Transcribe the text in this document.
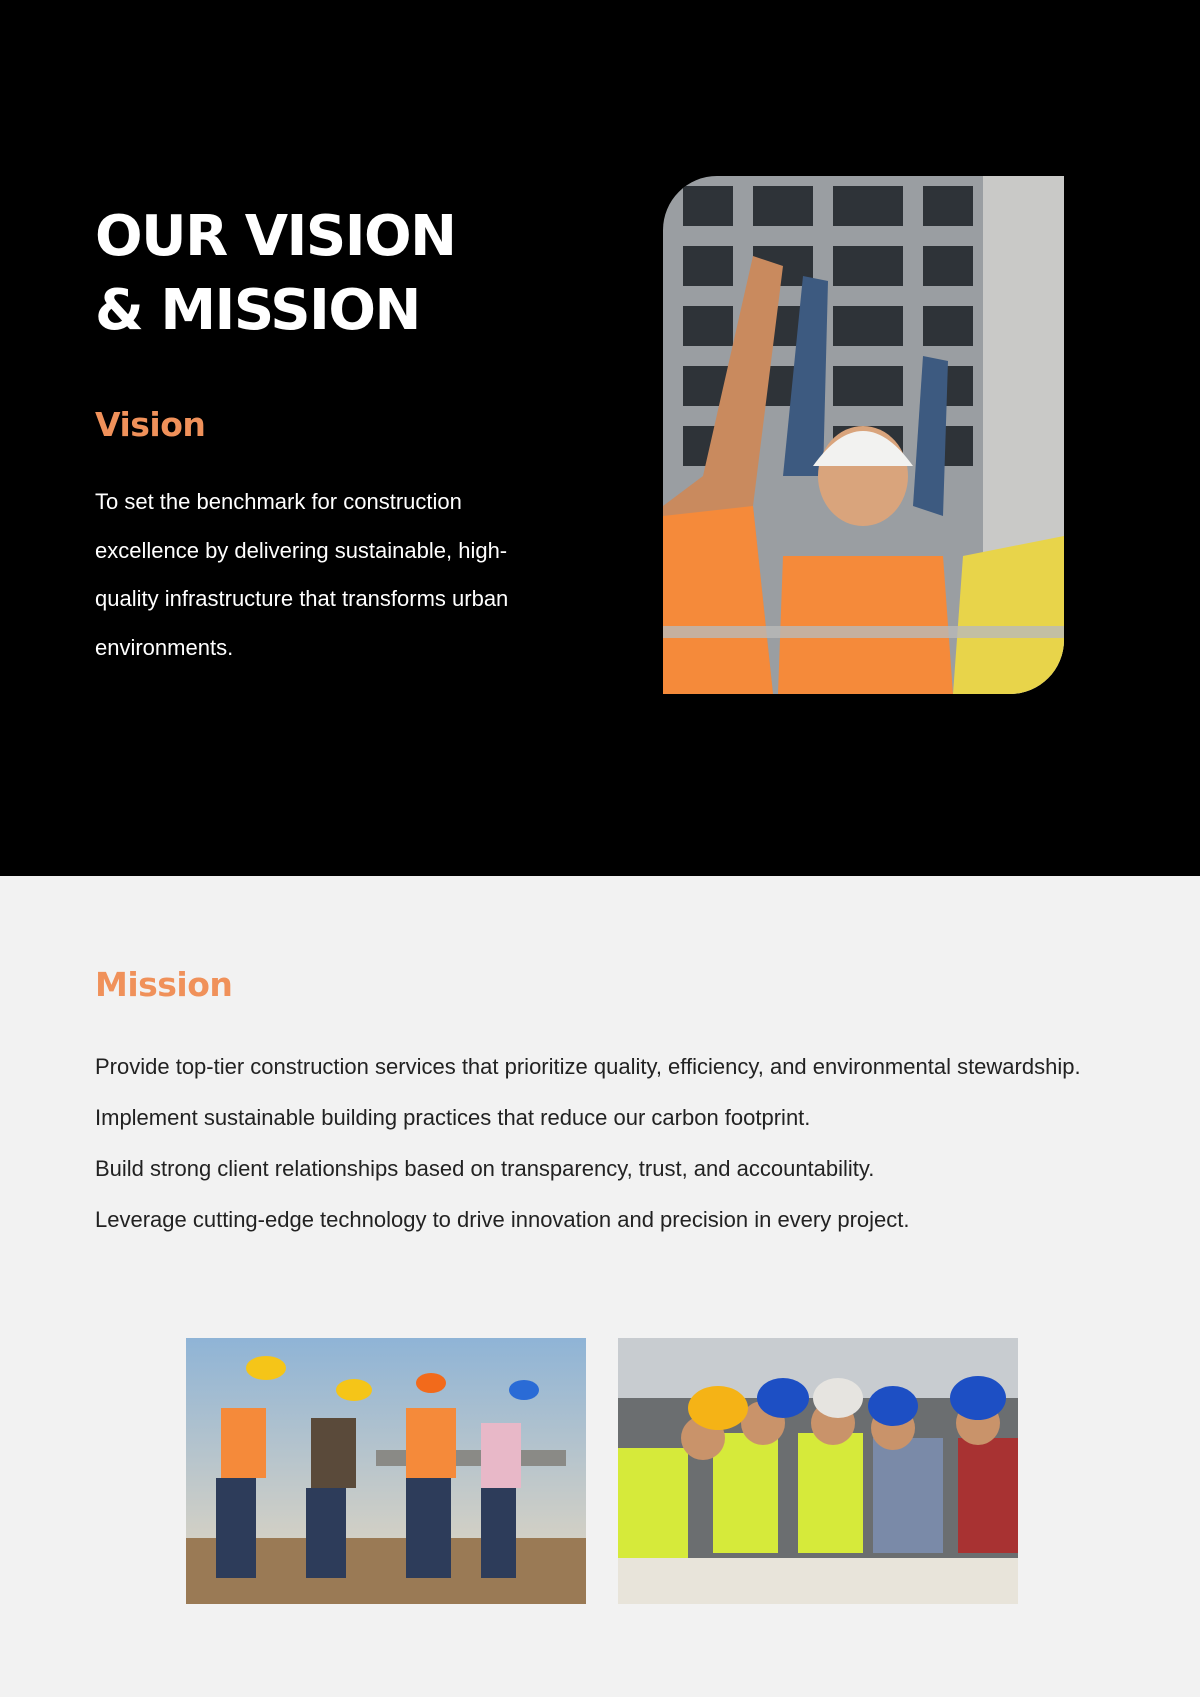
OUR VISION
& MISSION
Vision

To set the benchmark for construction excellence by delivering sustainable, high-quality infrastructure that transforms urban environments.

Mission
Provide top-tier construction services that prioritize quality, efficiency, and environmental stewardship.
Implement sustainable building practices that reduce our carbon footprint.
Build strong client relationships based on transparency, trust, and accountability.
Leverage cutting-edge technology to drive innovation and precision in every project.
